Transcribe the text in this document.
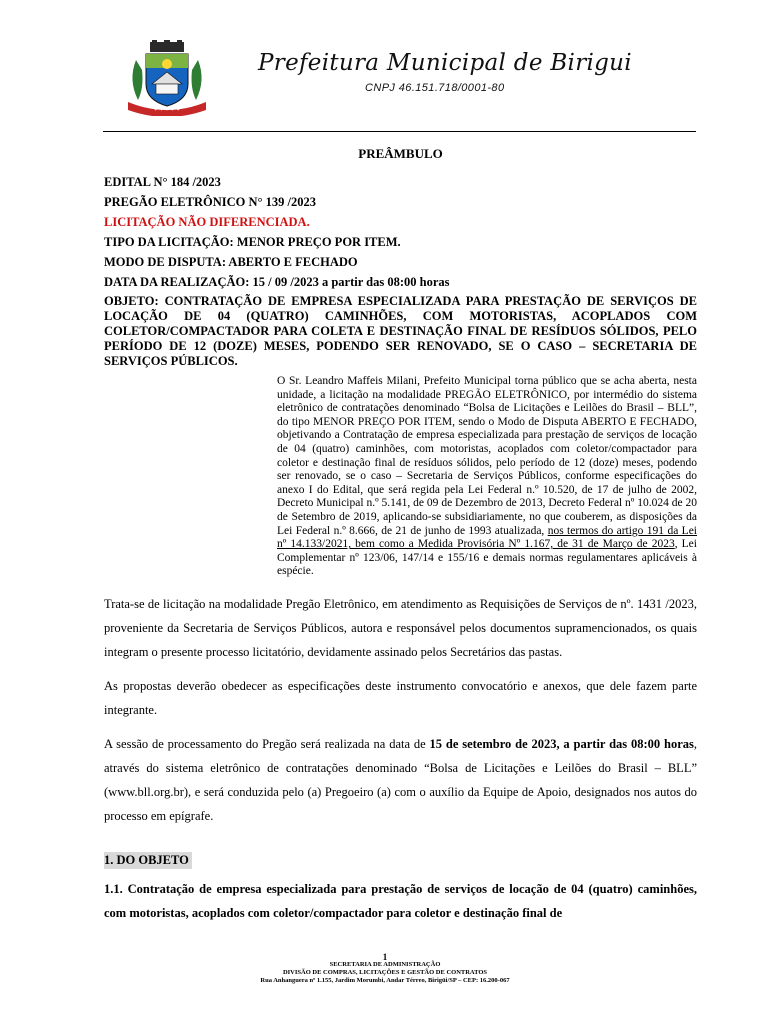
✦ ✦ ✦ ✦ ✦
Prefeitura Municipal de Birigui
CNPJ 46.151.718/0001-80
PREÂMBULO

EDITAL N° 184 /2023

PREGÃO ELETRÔNICO N° 139 /2023

LICITAÇÃO NÃO DIFERENCIADA.

TIPO DA LICITAÇÃO: MENOR PREÇO POR ITEM.

MODO DE DISPUTA: ABERTO E FECHADO

DATA DA REALIZAÇÃO: 15 / 09 /2023 a partir das 08:00 horas

OBJETO: CONTRATAÇÃO DE EMPRESA ESPECIALIZADA PARA PRESTAÇÃO DE SERVIÇOS DE LOCAÇÃO DE 04 (QUATRO) CAMINHÕES, COM MOTORISTAS, ACOPLADOS COM COLETOR/COMPACTADOR PARA COLETA E DESTINAÇÃO FINAL DE RESÍDUOS SÓLIDOS, PELO PERÍODO DE 12 (DOZE) MESES, PODENDO SER RENOVADO, SE O CASO – SECRETARIA DE SERVIÇOS PÚBLICOS.

O Sr. Leandro Maffeis Milani, Prefeito Municipal torna público que se acha aberta, nesta unidade, a licitação na modalidade PREGÃO ELETRÔNICO, por intermédio do sistema eletrônico de contratações denominado “Bolsa de Licitações e Leilões do Brasil – BLL”, do tipo MENOR PREÇO POR ITEM, sendo o Modo de Disputa ABERTO E FECHADO, objetivando a Contratação de empresa especializada para prestação de serviços de locação de 04 (quatro) caminhões, com motoristas, acoplados com coletor/compactador para coletor e destinação final de resíduos sólidos, pelo período de 12 (doze) meses, podendo ser renovado, se o caso – Secretaria de Serviços Públicos, conforme especificações do anexo I do Edital, que será regida pela Lei Federal n.º 10.520, de 17 de julho de 2002, Decreto Municipal n.º 5.141, de 09 de Dezembro de 2013, Decreto Federal nº 10.024 de 20 de Setembro de 2019, aplicando-se subsidiariamente, no que couberem, as disposições da Lei Federal n.º 8.666, de 21 de junho de 1993 atualizada, nos termos do artigo 191 da Lei nº 14.133/2021, bem como a Medida Provisória Nº 1.167, de 31 de Março de 2023, Lei Complementar nº 123/06, 147/14 e 155/16 e demais normas regulamentares aplicáveis à espécie.

Trata-se de licitação na modalidade Pregão Eletrônico, em atendimento as Requisições de Serviços de nº. 1431 /2023, proveniente da Secretaria de Serviços Públicos, autora e responsável pelos documentos supramencionados, os quais integram o presente processo licitatório, devidamente assinado pelos Secretários das pastas.

As propostas deverão obedecer as especificações deste instrumento convocatório e anexos, que dele fazem parte integrante.

A sessão de processamento do Pregão será realizada na data de 15 de setembro de 2023, a partir das 08:00 horas, através do sistema eletrônico de contratações denominado “Bolsa de Licitações e Leilões do Brasil – BLL” (www.bll.org.br), e será conduzida pelo (a) Pregoeiro (a) com o auxílio da Equipe de Apoio, designados nos autos do processo em epígrafe.

1. DO OBJETO

1.1. Contratação de empresa especializada para prestação de serviços de locação de 04 (quatro) caminhões, com motoristas, acoplados com coletor/compactador para coletor e destinação final de

1
SECRETARIA DE ADMINISTRAÇÃO
DIVISÃO DE COMPRAS, LICITAÇÕES E GESTÃO DE CONTRATOS
Rua Anhanguera nº 1.155, Jardim Morumbi, Andar Térreo, Birigüi/SP – CEP: 16.200-067
